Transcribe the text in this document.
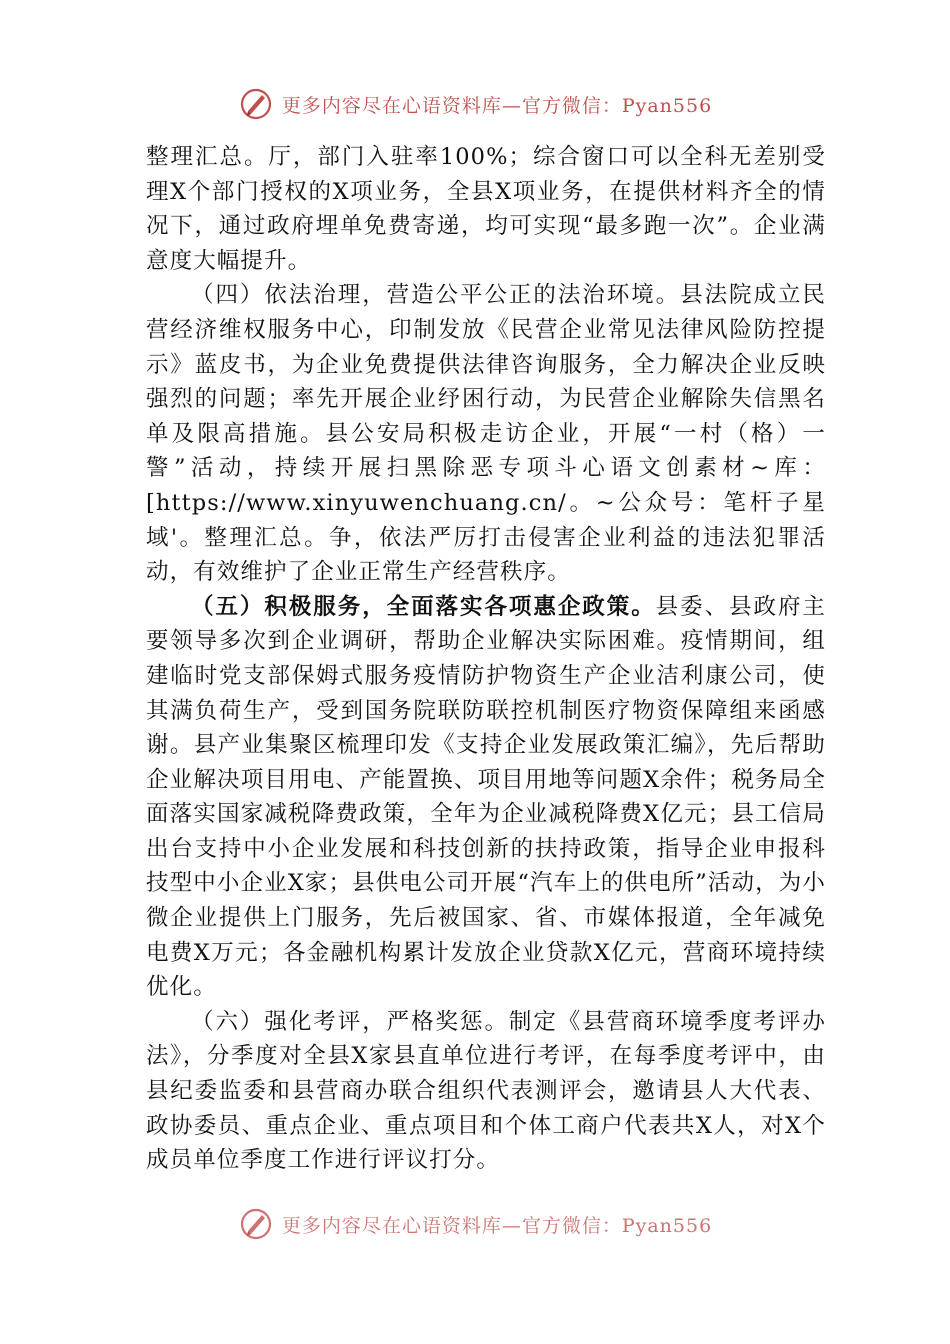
更多内容尽在心语资料库—官方微信：Pyan556

整理汇总。厅，部门入驻率100%；综合窗口可以全科无差别受理X个部门授权的X项业务，全县X项业务，在提供材料齐全的情况下，通过政府埋单免费寄递，均可实现“最多跑一次”。企业满意度大幅提升。

（四）依法治理，营造公平公正的法治环境。县法院成立民营经济维权服务中心，印制发放《民营企业常见法律风险防控提示》蓝皮书，为企业免费提供法律咨询服务，全力解决企业反映强烈的问题；率先开展企业纾困行动，为民营企业解除失信黑名单及限高措施。县公安局积极走访企业，开展“一村（格）一警”活动，持续开展扫黑除恶专项斗心语文创素材~库：[https://www.xinyuwenchuang.cn/。~公众号：笔杆子星域'。整理汇总。争，依法严厉打击侵害企业利益的违法犯罪活动，有效维护了企业正常生产经营秩序。

（五）积极服务，全面落实各项惠企政策。县委、县政府主要领导多次到企业调研，帮助企业解决实际困难。疫情期间，组建临时党支部保姆式服务疫情防护物资生产企业洁利康公司，使其满负荷生产，受到国务院联防联控机制医疗物资保障组来函感谢。县产业集聚区梳理印发《支持企业发展政策汇编》，先后帮助企业解决项目用电、产能置换、项目用地等问题X余件；税务局全面落实国家减税降费政策，全年为企业减税降费X亿元；县工信局出台支持中小企业发展和科技创新的扶持政策，指导企业申报科技型中小企业X家；县供电公司开展“汽车上的供电所”活动，为小微企业提供上门服务，先后被国家、省、市媒体报道，全年减免电费X万元；各金融机构累计发放企业贷款X亿元，营商环境持续优化。

（六）强化考评，严格奖惩。制定《县营商环境季度考评办法》，分季度对全县X家县直单位进行考评，在每季度考评中，由县纪委监委和县营商办联合组织代表测评会，邀请县人大代表、政协委员、重点企业、重点项目和个体工商户代表共X人，对X个成员单位季度工作进行评议打分。

更多内容尽在心语资料库—官方微信：Pyan556
